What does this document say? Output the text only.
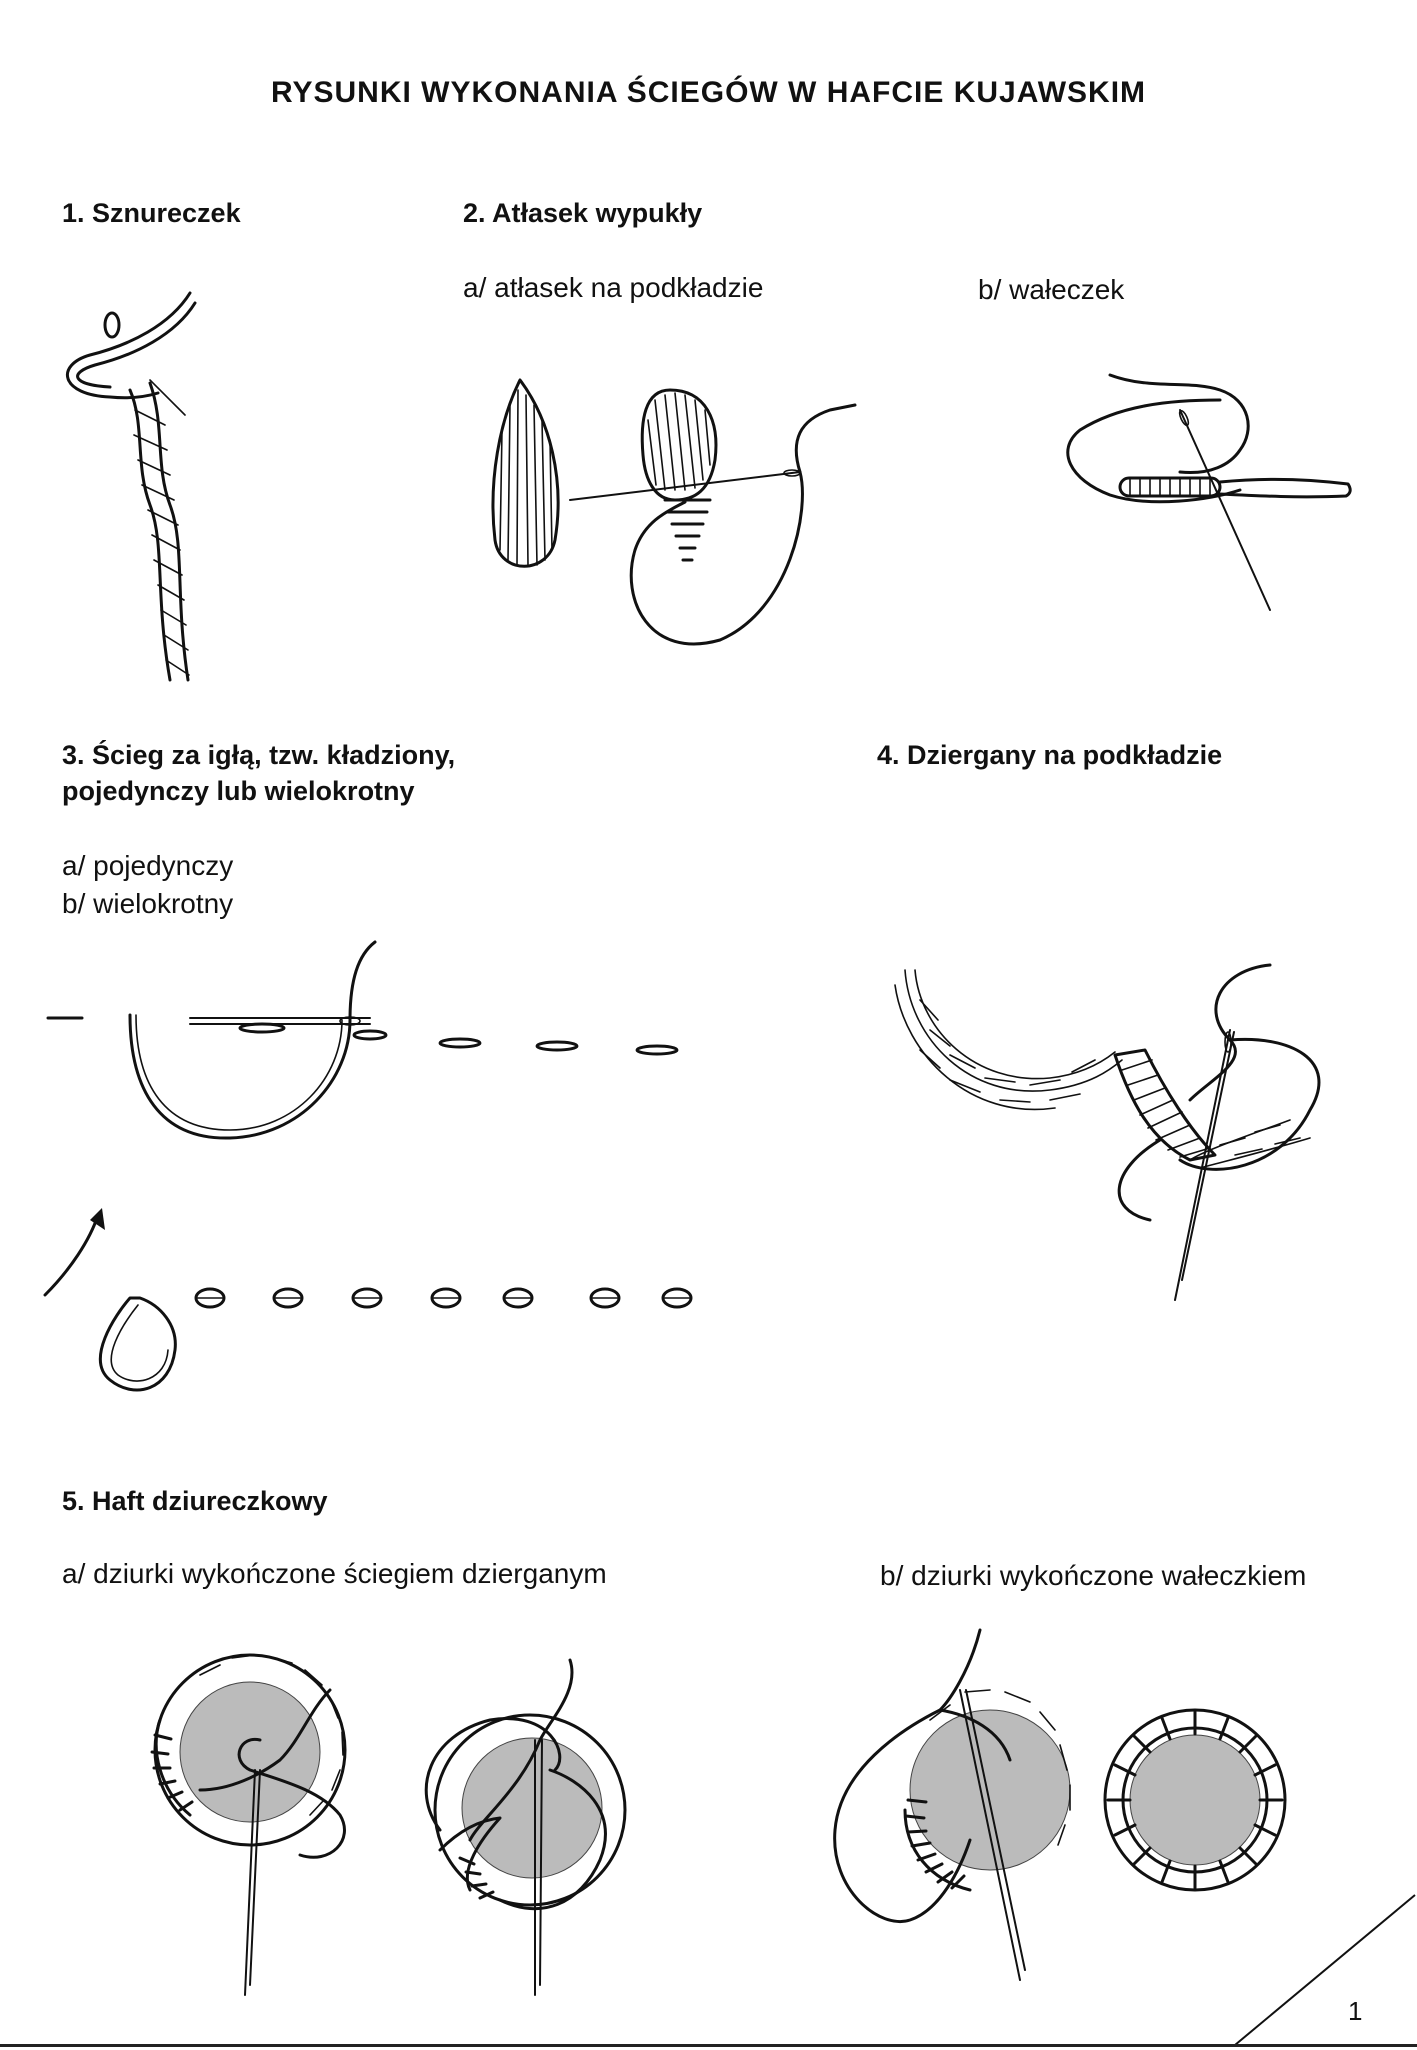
RYSUNKI WYKONANIA ŚCIEGÓW W HAFCIE KUJAWSKIM
1. Sznureczek	2. Atłasek wypukły
a/ atłasek na podkładzie	b/ wałeczek
3. Ścieg za igłą, tzw. kładziony,
pojedynczy lub wielokrotny
a/ pojedynczy
b/ wielokrotny
4. Dziergany na podkładzie
5. Haft dziureczkowy
a/ dziurki wykończone ściegiem dzierganym	b/ dziurki wykończone wałeczkiem
1
